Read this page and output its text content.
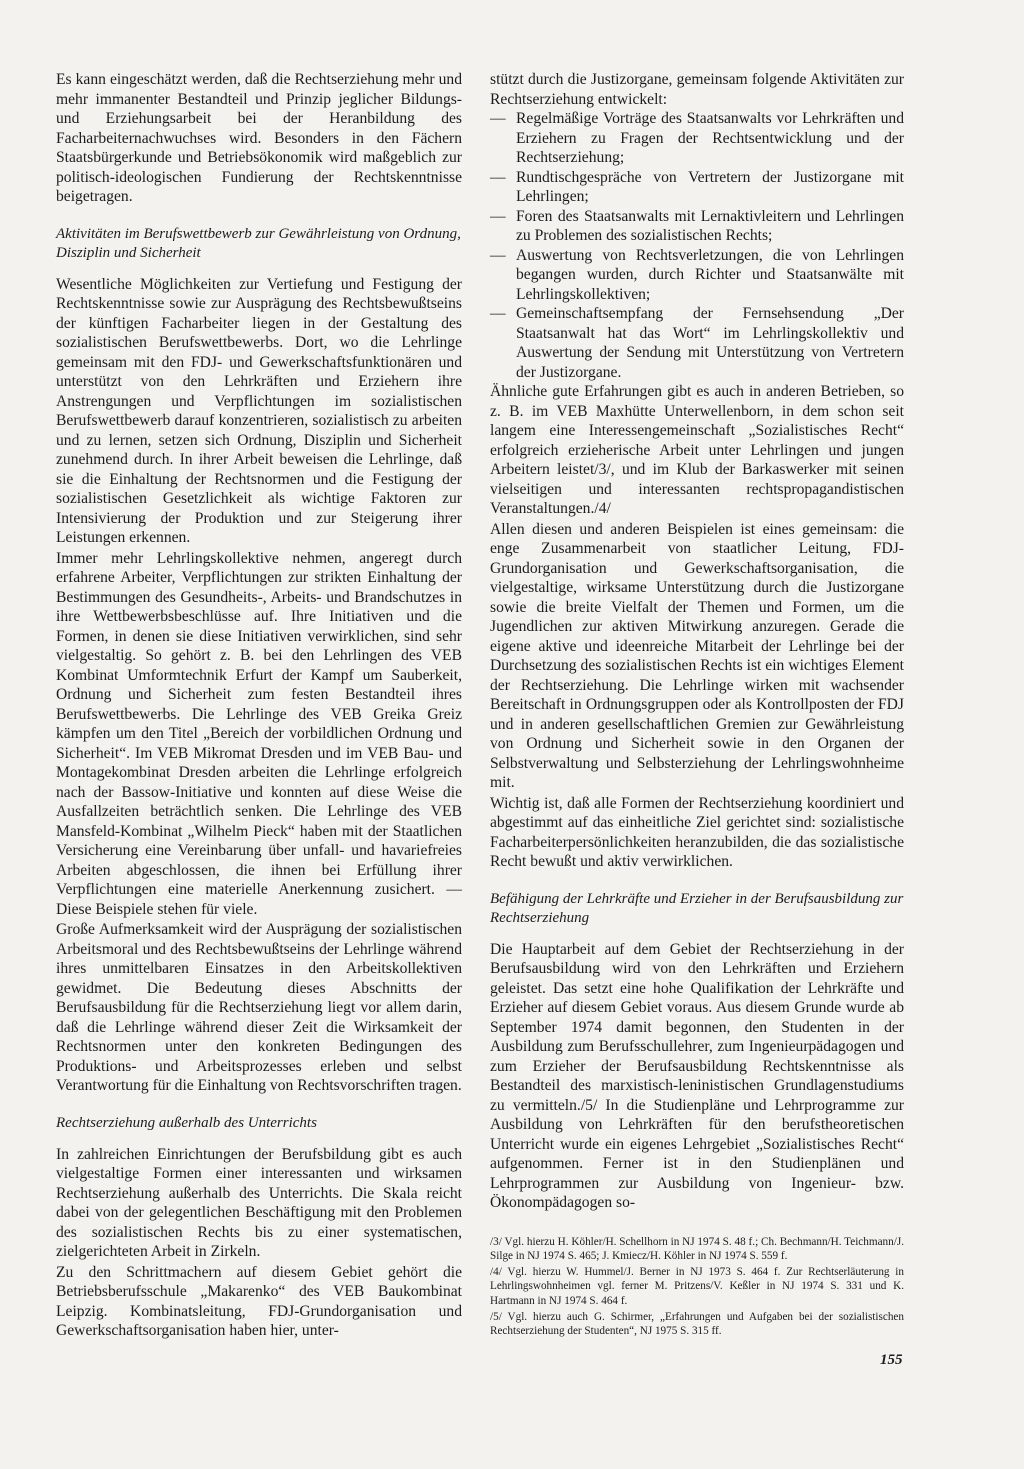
Es kann eingeschätzt werden, daß die Rechtserziehung mehr und mehr immanenter Bestandteil und Prinzip jeglicher Bildungs- und Erziehungsarbeit bei der Heranbildung des Facharbeiternachwuchses wird. Besonders in den Fächern Staatsbürgerkunde und Betriebsökonomik wird maßgeblich zur politisch-ideologischen Fundierung der Rechtskenntnisse beigetragen.

Aktivitäten im Berufswettbewerb zur Gewährleistung von Ordnung, Disziplin und Sicherheit

Wesentliche Möglichkeiten zur Vertiefung und Festigung der Rechtskenntnisse sowie zur Ausprägung des Rechtsbewußtseins der künftigen Facharbeiter liegen in der Gestaltung des sozialistischen Berufswettbewerbs. Dort, wo die Lehrlinge gemeinsam mit den FDJ- und Gewerkschaftsfunktionären und unterstützt von den Lehrkräften und Erziehern ihre Anstrengungen und Verpflichtungen im sozialistischen Berufswettbewerb darauf konzentrieren, sozialistisch zu arbeiten und zu lernen, setzen sich Ordnung, Disziplin und Sicherheit zunehmend durch. In ihrer Arbeit beweisen die Lehrlinge, daß sie die Einhaltung der Rechtsnormen und die Festigung der sozialistischen Gesetzlichkeit als wichtige Faktoren zur Intensivierung der Produktion und zur Steigerung ihrer Leistungen erkennen.

Immer mehr Lehrlingskollektive nehmen, angeregt durch erfahrene Arbeiter, Verpflichtungen zur strikten Einhaltung der Bestimmungen des Gesundheits-, Arbeits- und Brandschutzes in ihre Wettbewerbsbeschlüsse auf. Ihre Initiativen und die Formen, in denen sie diese Initiativen verwirklichen, sind sehr vielgestaltig. So gehört z. B. bei den Lehrlingen des VEB Kombinat Umformtechnik Erfurt der Kampf um Sauberkeit, Ordnung und Sicherheit zum festen Bestandteil ihres Berufswettbewerbs. Die Lehrlinge des VEB Greika Greiz kämpfen um den Titel „Bereich der vorbildlichen Ordnung und Sicherheit“. Im VEB Mikromat Dresden und im VEB Bau- und Montagekombinat Dresden arbeiten die Lehrlinge erfolgreich nach der Bassow-Initiative und konnten auf diese Weise die Ausfallzeiten beträchtlich senken. Die Lehrlinge des VEB Mansfeld-Kombinat „Wilhelm Pieck“ haben mit der Staatlichen Versicherung eine Vereinbarung über unfall- und havariefreies Arbeiten abgeschlossen, die ihnen bei Erfüllung ihrer Verpflichtungen eine materielle Anerkennung zusichert. — Diese Beispiele stehen für viele.

Große Aufmerksamkeit wird der Ausprägung der sozialistischen Arbeitsmoral und des Rechtsbewußtseins der Lehrlinge während ihres unmittelbaren Einsatzes in den Arbeitskollektiven gewidmet. Die Bedeutung dieses Abschnitts der Berufsausbildung für die Rechtserziehung liegt vor allem darin, daß die Lehrlinge während dieser Zeit die Wirksamkeit der Rechtsnormen unter den konkreten Bedingungen des Produktions- und Arbeitsprozesses erleben und selbst Verantwortung für die Einhaltung von Rechtsvorschriften tragen.

Rechtserziehung außerhalb des Unterrichts

In zahlreichen Einrichtungen der Berufsbildung gibt es auch vielgestaltige Formen einer interessanten und wirksamen Rechtserziehung außerhalb des Unterrichts. Die Skala reicht dabei von der gelegentlichen Beschäftigung mit den Problemen des sozialistischen Rechts bis zu einer systematischen, zielgerichteten Arbeit in Zirkeln.

Zu den Schrittmachern auf diesem Gebiet gehört die Betriebsberufsschule „Makarenko“ des VEB Baukombinat Leipzig. Kombinatsleitung, FDJ-Grundorganisation und Gewerkschaftsorganisation haben hier, unter-

stützt durch die Justizorgane, gemeinsam folgende Aktivitäten zur Rechtserziehung entwickelt:

— Regelmäßige Vorträge des Staatsanwalts vor Lehrkräften und Erziehern zu Fragen der Rechtsentwicklung und der Rechtserziehung;
— Rundtischgespräche von Vertretern der Justizorgane mit Lehrlingen;
— Foren des Staatsanwalts mit Lernaktivleitern und Lehrlingen zu Problemen des sozialistischen Rechts;
— Auswertung von Rechtsverletzungen, die von Lehrlingen begangen wurden, durch Richter und Staatsanwälte mit Lehrlingskollektiven;
— Gemeinschaftsempfang der Fernsehsendung „Der Staatsanwalt hat das Wort“ im Lehrlingskollektiv und Auswertung der Sendung mit Unterstützung von Vertretern der Justizorgane.

Ähnliche gute Erfahrungen gibt es auch in anderen Betrieben, so z. B. im VEB Maxhütte Unterwellenborn, in dem schon seit langem eine Interessengemeinschaft „Sozialistisches Recht“ erfolgreich erzieherische Arbeit unter Lehrlingen und jungen Arbeitern leistet/3/, und im Klub der Barkaswerker mit seinen vielseitigen und interessanten rechtspropagandistischen Veranstaltungen./4/

Allen diesen und anderen Beispielen ist eines gemeinsam: die enge Zusammenarbeit von staatlicher Leitung, FDJ-Grundorganisation und Gewerkschaftsorganisation, die vielgestaltige, wirksame Unterstützung durch die Justizorgane sowie die breite Vielfalt der Themen und Formen, um die Jugendlichen zur aktiven Mitwirkung anzuregen. Gerade die eigene aktive und ideenreiche Mitarbeit der Lehrlinge bei der Durchsetzung des sozialistischen Rechts ist ein wichtiges Element der Rechtserziehung. Die Lehrlinge wirken mit wachsender Bereitschaft in Ordnungsgruppen oder als Kontrollposten der FDJ und in anderen gesellschaftlichen Gremien zur Gewährleistung von Ordnung und Sicherheit sowie in den Organen der Selbstverwaltung und Selbsterziehung der Lehrlingswohnheime mit.

Wichtig ist, daß alle Formen der Rechtserziehung koordiniert und abgestimmt auf das einheitliche Ziel gerichtet sind: sozialistische Facharbeiterpersönlichkeiten heranzubilden, die das sozialistische Recht bewußt und aktiv verwirklichen.

Befähigung der Lehrkräfte und Erzieher in der Berufsausbildung zur Rechtserziehung

Die Hauptarbeit auf dem Gebiet der Rechtserziehung in der Berufsausbildung wird von den Lehrkräften und Erziehern geleistet. Das setzt eine hohe Qualifikation der Lehrkräfte und Erzieher auf diesem Gebiet voraus. Aus diesem Grunde wurde ab September 1974 damit begonnen, den Studenten in der Ausbildung zum Berufsschullehrer, zum Ingenieurpädagogen und zum Erzieher der Berufsausbildung Rechtskenntnisse als Bestandteil des marxistisch-leninistischen Grundlagenstudiums zu vermitteln./5/ In die Studienpläne und Lehrprogramme zur Ausbildung von Lehrkräften für den berufstheoretischen Unterricht wurde ein eigenes Lehrgebiet „Sozialistisches Recht“ aufgenommen. Ferner ist in den Studienplänen und Lehrprogrammen zur Ausbildung von Ingenieur- bzw. Ökonompädagogen so-

/3/ Vgl. hierzu H. Köhler/H. Schellhorn in NJ 1974 S. 48 f.; Ch. Bechmann/H. Teichmann/J. Silge in NJ 1974 S. 465; J. Kmiecz/H. Köhler in NJ 1974 S. 559 f.

/4/ Vgl. hierzu W. Hummel/J. Berner in NJ 1973 S. 464 f. Zur Rechtserläuterung in Lehrlingswohnheimen vgl. ferner M. Pritzens/V. Keßler in NJ 1974 S. 331 und K. Hartmann in NJ 1974 S. 464 f.

/5/ Vgl. hierzu auch G. Schirmer, „Erfahrungen und Aufgaben bei der sozialistischen Rechtserziehung der Studenten“, NJ 1975 S. 315 ff.

155
